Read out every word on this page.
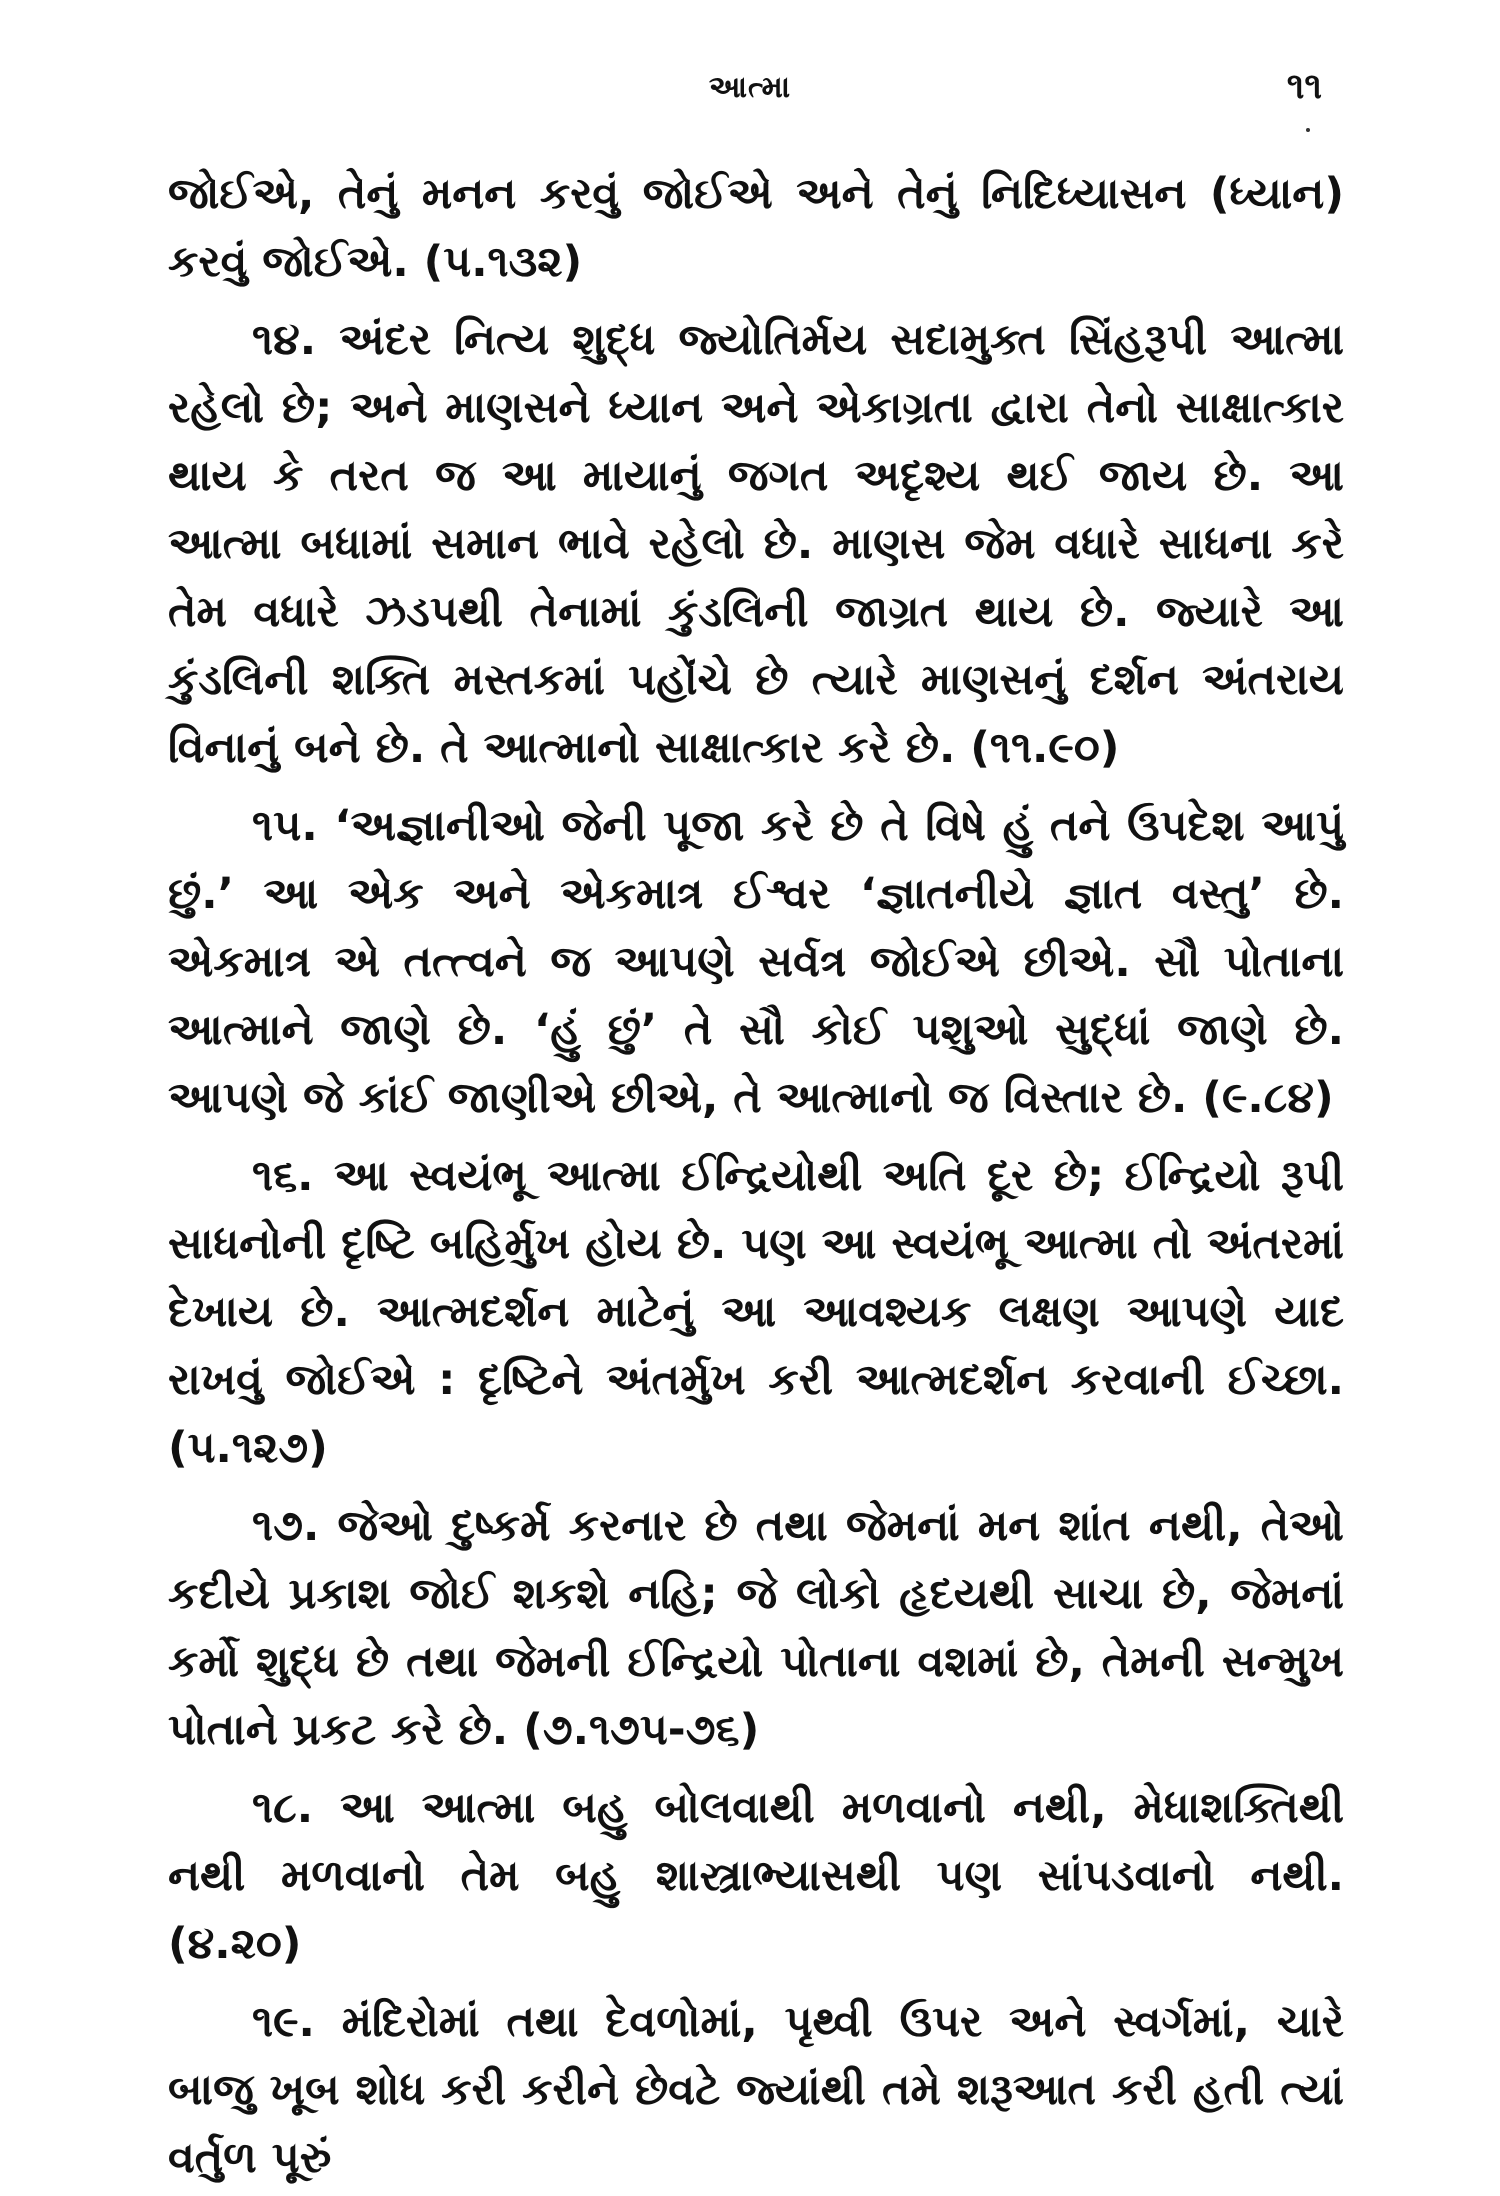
આત્મા	૧૧

જોઈએ, તેનું મનન કરવું જોઈએ અને તેનું નિદિધ્યાસન (ધ્યાન) કરવું જોઈએ. (પ.૧૩૨)

૧૪. અંદર નિત્ય શુદ્ધ જ્યોતિર્મય સદામુક્ત સિંહરૂપી આત્મા રહેલો છે; અને માણસને ધ્યાન અને એકાગ્રતા દ્વારા તેનો સાક્ષાત્કાર થાય કે તરત જ આ માયાનું જગત અદૃશ્ય થઈ જાય છે. આ આત્મા બધામાં સમાન ભાવે રહેલો છે. માણસ જેમ વધારે સાધના કરે તેમ વધારે ઝડપથી તેનામાં કુંડલિની જાગ્રત થાય છે. જ્યારે આ કુંડલિની શક્તિ મસ્તકમાં પહોંચે છે ત્યારે માણસનું દર્શન અંતરાય વિનાનું બને છે. તે આત્માનો સાક્ષાત્કાર કરે છે. (૧૧.૯૦)

૧૫. ‘અજ્ઞાનીઓ જેની પૂજા કરે છે તે વિષે હું તને ઉપદેશ આપું છું.’ આ એક અને એકમાત્ર ઈશ્વર ‘જ્ઞાતનીયે જ્ઞાત વસ્તુ’ છે. એકમાત્ર એ તત્ત્વને જ આપણે સર્વત્ર જોઈએ છીએ. સૌ પોતાના આત્માને જાણે છે. ‘હું છું’ તે સૌ કોઈ પશુઓ સુદ્ધાં જાણે છે. આપણે જે કાંઈ જાણીએ છીએ, તે આત્માનો જ વિસ્તાર છે. (૯.૮૪)

૧૬. આ સ્વયંભૂ આત્મા ઈન્દ્રિયોથી અતિ દૂર છે; ઈન્દ્રિયો રૂપી સાધનોની દૃષ્ટિ બહિર્મુખ હોય છે. પણ આ સ્વયંભૂ આત્મા તો અંતરમાં દેખાય છે. આત્મદર્શન માટેનું આ આવશ્યક લક્ષણ આપણે યાદ રાખવું જોઈએ : દૃષ્ટિને અંતર્મુખ કરી આત્મદર્શન કરવાની ઈચ્છા. (પ.૧૨૭)

૧૭. જેઓ દુષ્કર્મ કરનાર છે તથા જેમનાં મન શાંત નથી, તેઓ કદીયે પ્રકાશ જોઈ શકશે નહિ; જે લોકો હૃદયથી સાચા છે, જેમનાં કર્મો શુદ્ધ છે તથા જેમની ઈન્દ્રિયો પોતાના વશમાં છે, તેમની સન્મુખ પોતાને પ્રકટ કરે છે. (૭.૧૭પ-૭૬)

૧૮. આ આત્મા બહુ બોલવાથી મળવાનો નથી, મેધાશક્તિથી નથી મળવાનો તેમ બહુ શાસ્ત્રાભ્યાસથી પણ સાંપડવાનો નથી. (૪.૨૦)

૧૯. મંદિરોમાં તથા દેવળોમાં, પૃથ્વી ઉપર અને સ્વર્ગમાં, ચારે બાજુ ખૂબ શોધ કરી કરીને છેવટે જ્યાંથી તમે શરૂઆત કરી હતી ત્યાં વર્તુળ પૂરું
